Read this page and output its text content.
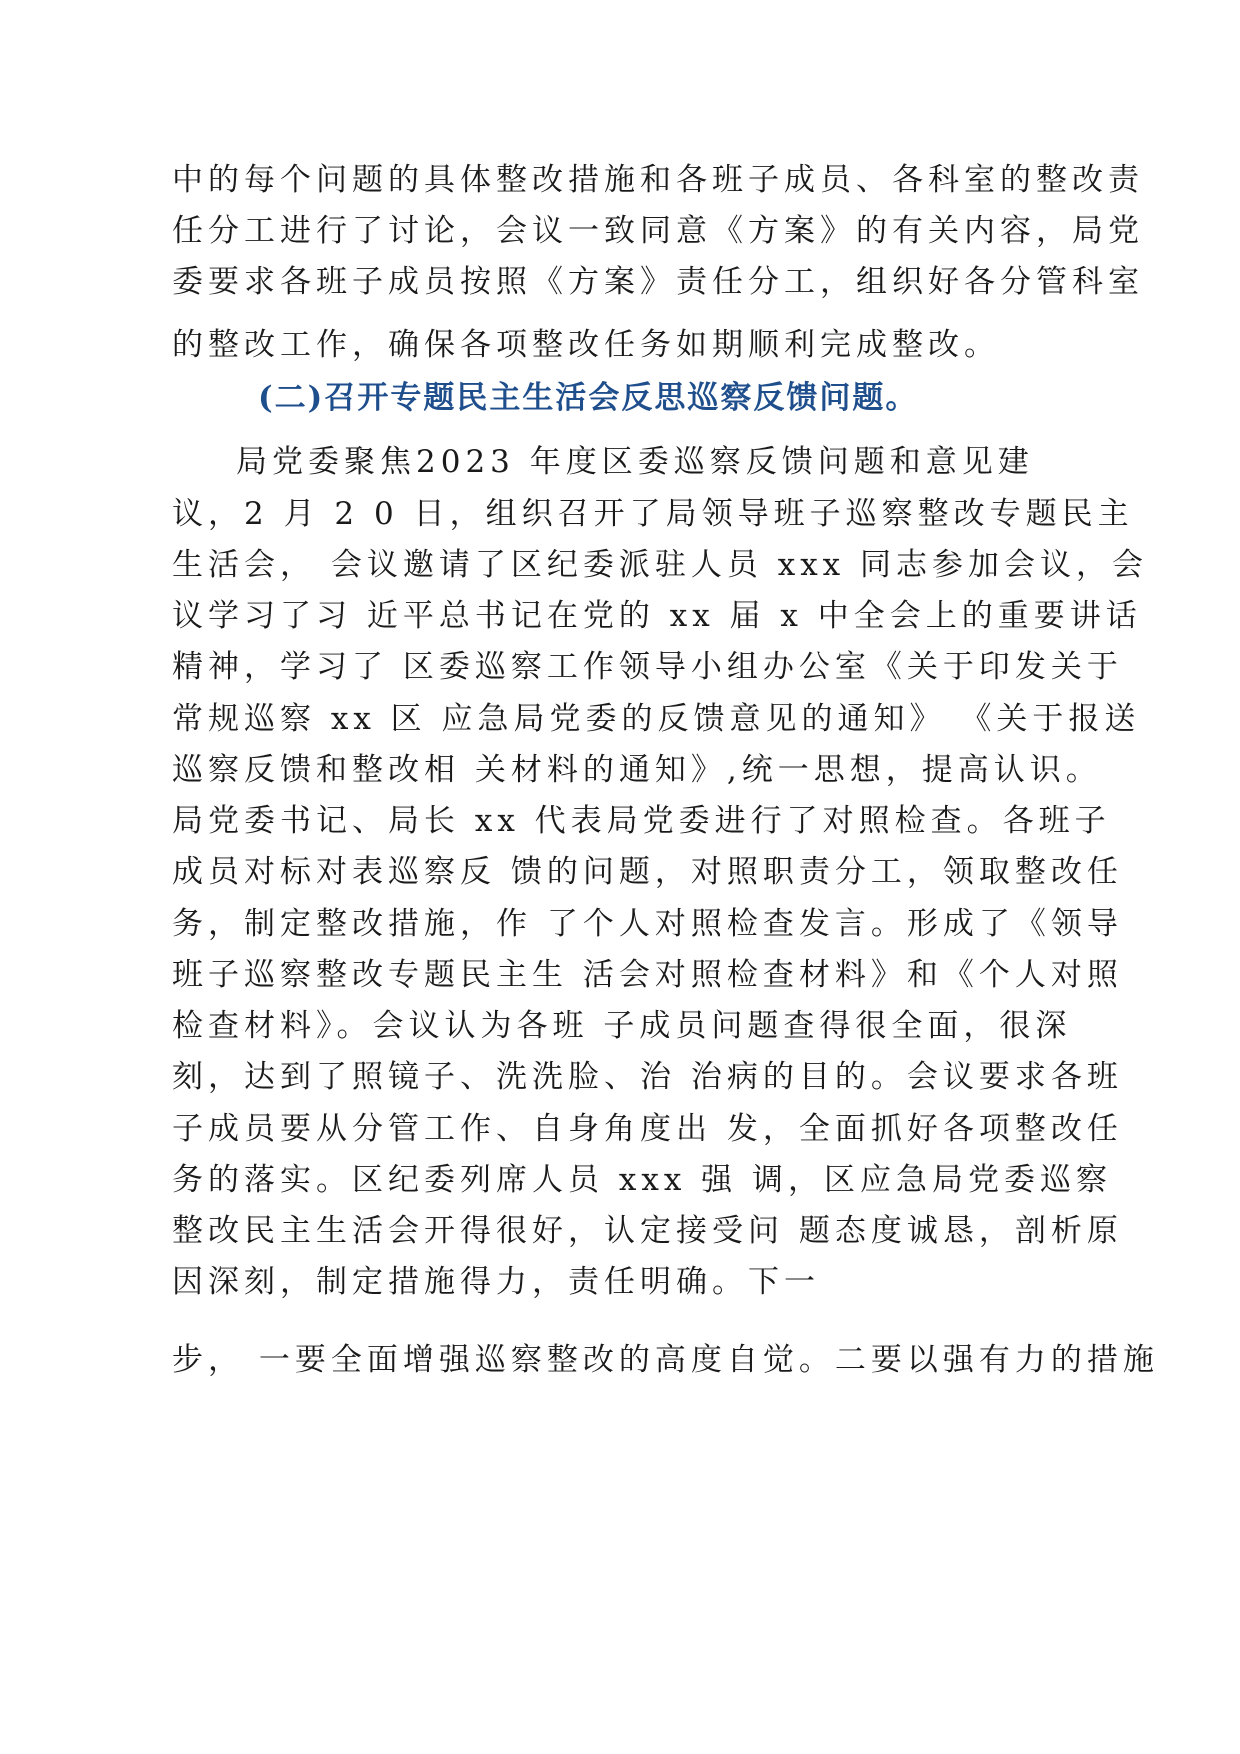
中的每个问题的具体整改措施和各班子成员、各科室的整改责
任分工进行了讨论，会议一致同意《方案》的有关内容，局党
委要求各班子成员按照《方案》责任分工，组织好各分管科室
的整改工作，确保各项整改任务如期顺利完成整改。
(二)召开专题民主生活会反思巡察反馈问题。
局党委聚焦2023 年度区委巡察反馈问题和意见建
议，2 月 2 0 日，组织召开了局领导班子巡察整改专题民主
生活会， 会议邀请了区纪委派驻人员 xxx 同志参加会议，会
议学习了习 近平总书记在党的 xx 届 x 中全会上的重要讲话
精神，学习了 区委巡察工作领导小组办公室《关于印发关于
常规巡察 xx 区 应急局党委的反馈意见的通知》 《关于报送
巡察反馈和整改相 关材料的通知》,统一思想，提高认识。
局党委书记、局长 xx 代表局党委进行了对照检查。各班子
成员对标对表巡察反 馈的问题，对照职责分工，领取整改任
务，制定整改措施，作 了个人对照检查发言。形成了《领导
班子巡察整改专题民主生 活会对照检查材料》和《个人对照
检查材料》。会议认为各班 子成员问题查得很全面，很深
刻，达到了照镜子、洗洗脸、治 治病的目的。会议要求各班
子成员要从分管工作、自身角度出 发，全面抓好各项整改任
务的落实。区纪委列席人员 xxx 强 调，区应急局党委巡察
整改民主生活会开得很好，认定接受问 题态度诚恳，剖析原
因深刻，制定措施得力，责任明确。下一
步， 一要全面增强巡察整改的高度自觉。二要以强有力的措施
